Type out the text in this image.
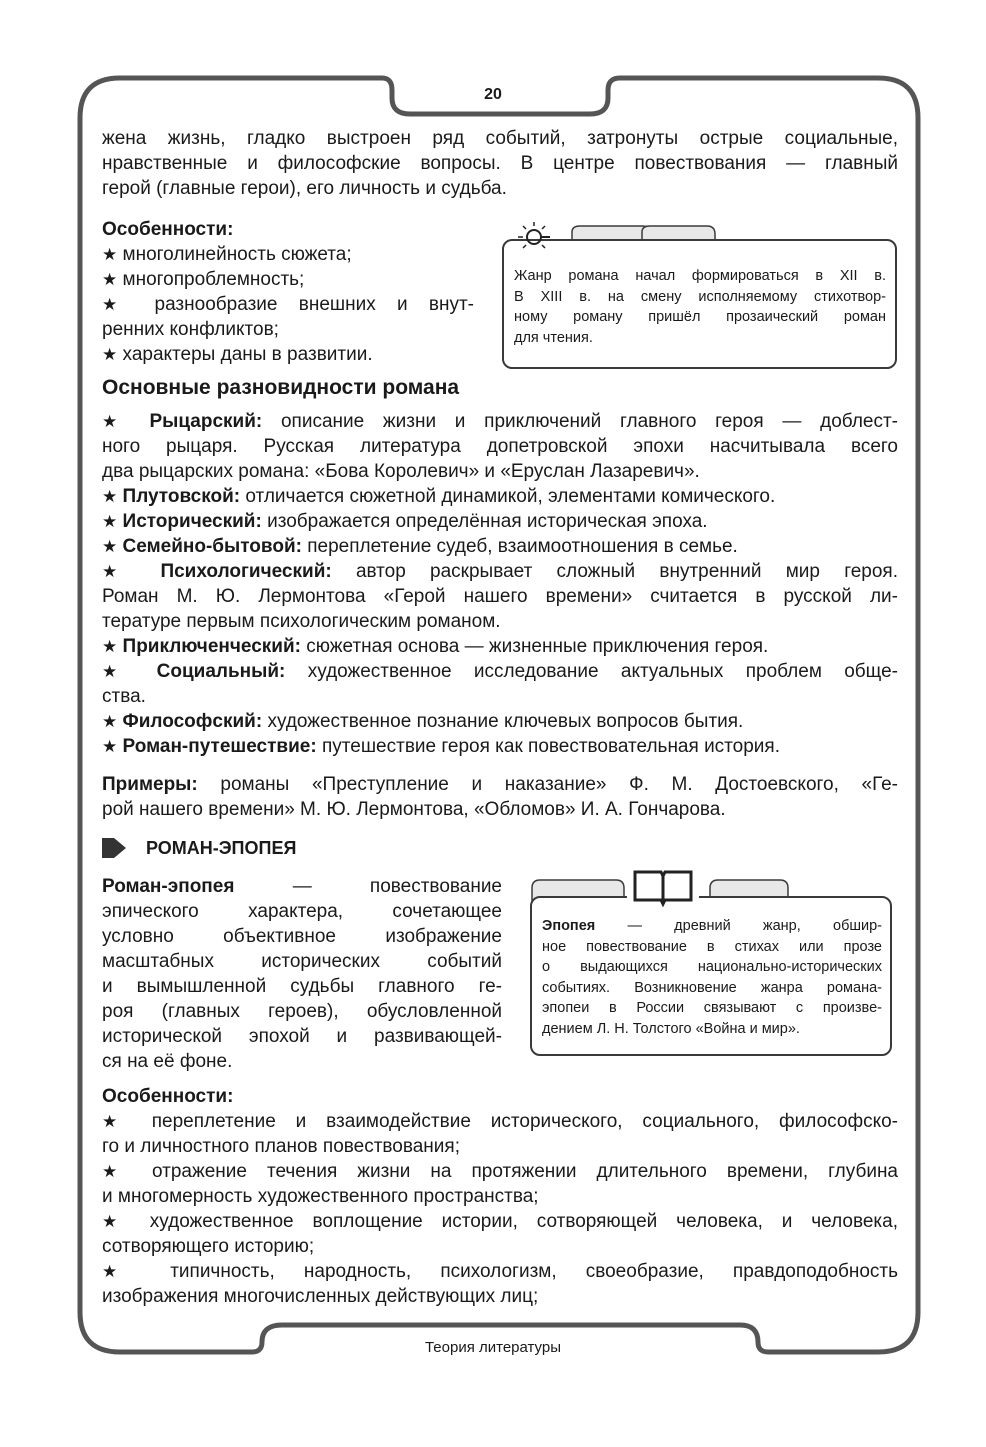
20
жена жизнь, гладко выстроен ряд событий, затронуты острые социальные,
нравственные и философские вопросы. В центре повествования — главный
герой (главные герои), его личность и судьба.
Особенности:
★ многолинейность сюжета;
★ многопроблемность;
★ разнообразие внешних и внут-
ренних конфликтов;
★ характеры даны в развитии.
Жанр романа начал формироваться в XII в.
В XIII в. на смену исполняемому стихотвор-
ному роману пришёл прозаический роман
для чтения.
Основные разновидности романа
★ Рыцарский: описание жизни и приключений главного героя — доблест-
ного рыцаря. Русская литература допетровской эпохи насчитывала всего
два рыцарских романа: «Бова Королевич» и «Еруслан Лазаревич».
★ Плутовской: отличается сюжетной динамикой, элементами комического.
★ Исторический: изображается определённая историческая эпоха.
★ Семейно-бытовой: переплетение судеб, взаимоотношения в семье.
★ Психологический: автор раскрывает сложный внутренний мир героя.
Роман М. Ю. Лермонтова «Герой нашего времени» считается в русской ли-
тературе первым психологическим романом.
★ Приключенческий: сюжетная основа — жизненные приключения героя.
★ Социальный: художественное исследование актуальных проблем обще-
ства.
★ Философский: художественное познание ключевых вопросов бытия.
★ Роман-путешествие: путешествие героя как повествовательная история.
Примеры: романы «Преступление и наказание» Ф. М. Достоевского, «Ге-
рой нашего времени» М. Ю. Лермонтова, «Обломов» И. А. Гончарова.
РОМАН-ЭПОПЕЯ
Роман-эпопея	— повествование
эпического характера, сочетающее
условно объективное изображение
масштабных исторических событий
и вымышленной судьбы главного ге-
роя (главных героев), обусловленной
исторической эпохой и развивающей-
ся на её фоне.
Эпопея — древний жанр, обшир-
ное повествование в стихах или прозе
о выдающихся национально-исторических
событиях. Возникновение жанра романа-
эпопеи в России связывают с произве-
дением Л. Н. Толстого «Война и мир».
Особенности:
★ переплетение и взаимодействие исторического, социального, философско-
го и личностного планов повествования;
★ отражение течения жизни на протяжении длительного времени, глубина
и многомерность художественного пространства;
★ художественное воплощение истории, сотворяющей человека, и человека,
сотворяющего историю;
★ типичность, народность, психологизм, своеобразие, правдоподобность
изображения многочисленных действующих лиц;
Теория литературы
